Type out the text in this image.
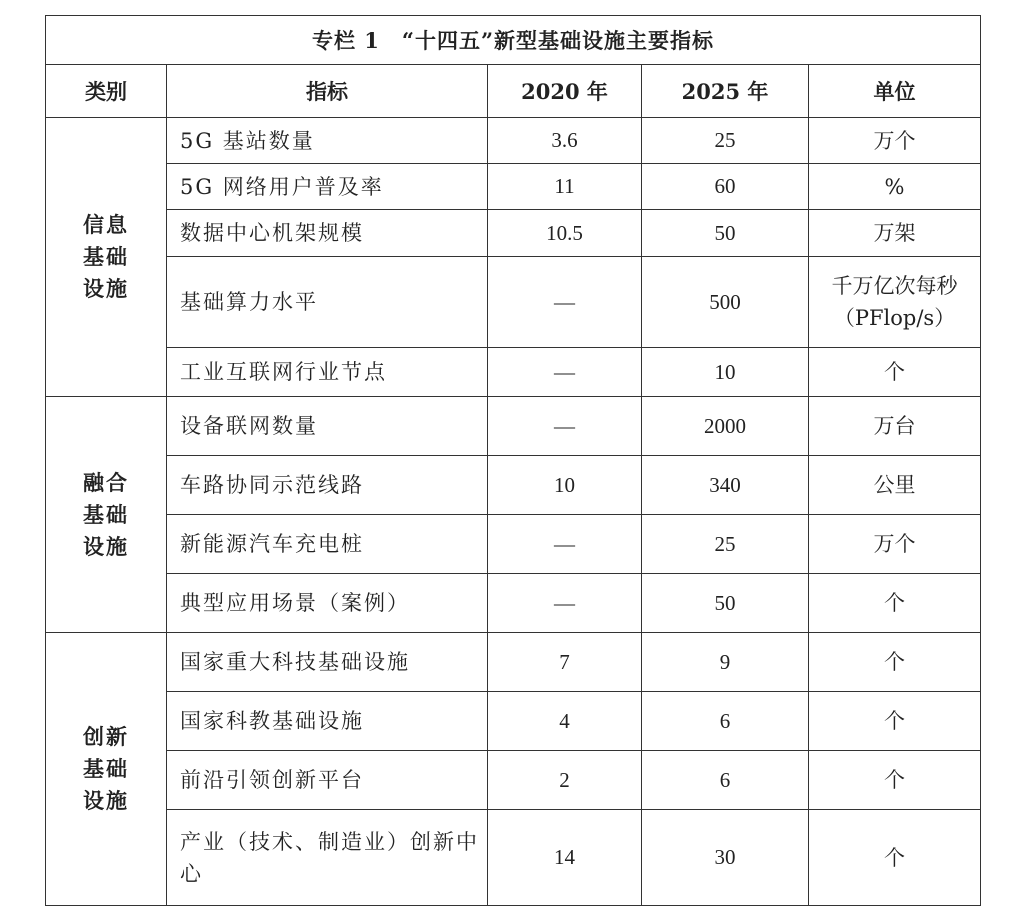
专栏 1　“十四五”新型基础设施主要指标				
类别	指标	2020 年	2025 年	单位

信息
基础
设施	5G 基站数量	3.6	25	万个
	5G 网络用户普及率	11	60	%
	数据中心机架规模	10.5	50	万架
	基础算力水平	—	500	千万亿次每秒
（PFlop/s）

	工业互联网行业节点	—	10	个

融合
基础
设施	设备联网数量	—	2000	万台
	车路协同示范线路	10	340	公里
	新能源汽车充电桩	—	25	万个
	典型应用场景（案例）	—	50	个

创新
基础
设施	国家重大科技基础设施	7	9	个
	国家科教基础设施	4	6	个
	前沿引领创新平台	2	6	个
	产业（技术、制造业）创新中心	14	30	个
